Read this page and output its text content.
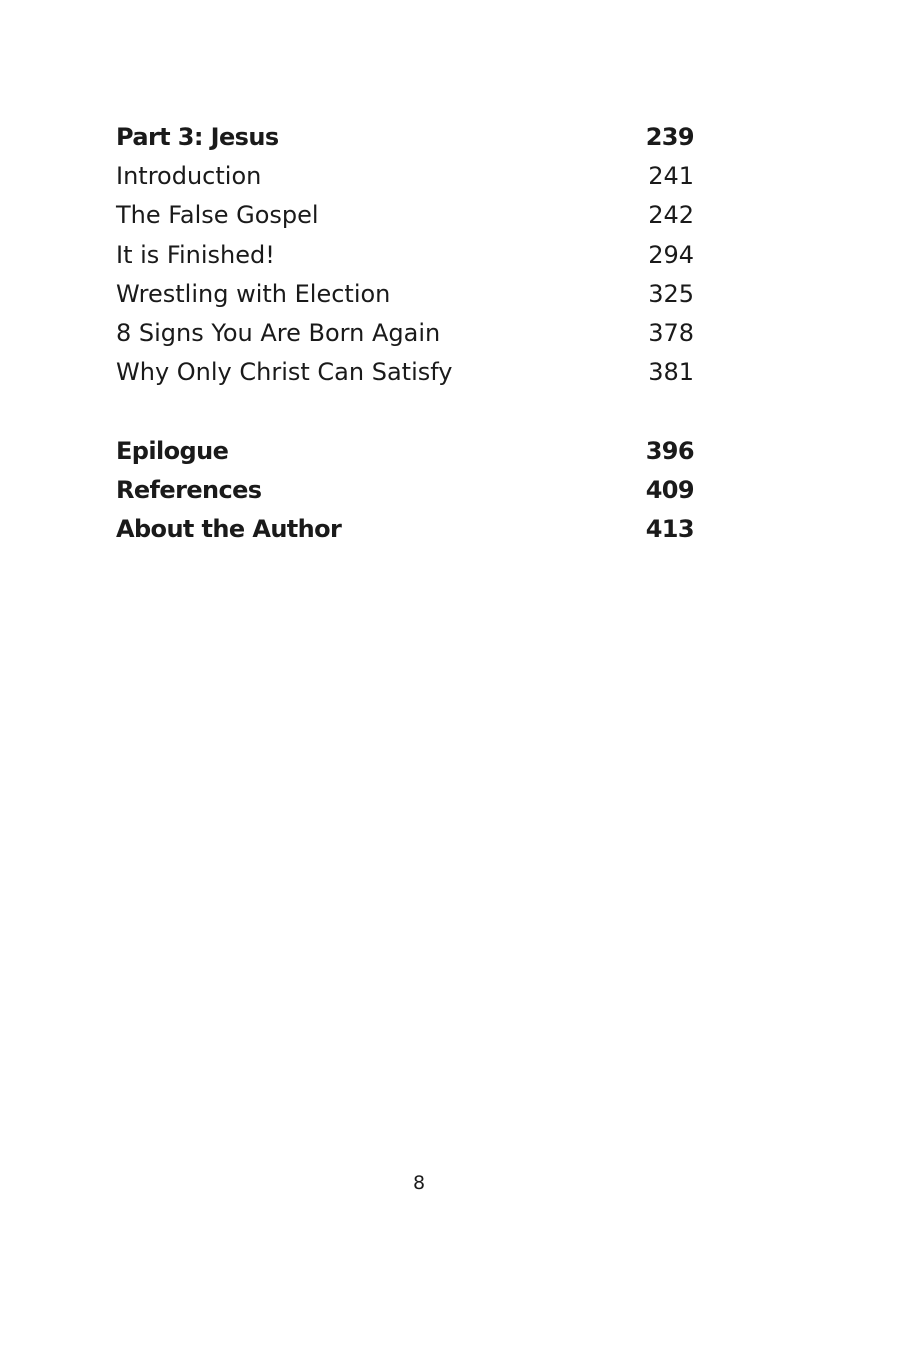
Part 3: Jesus	239
Introduction	241
The False Gospel	242
It is Finished!	294
Wrestling with Election	325
8 Signs You Are Born Again	378
Why Only Christ Can Satisfy	381
Epilogue	396
References	409
About the Author	413
8
